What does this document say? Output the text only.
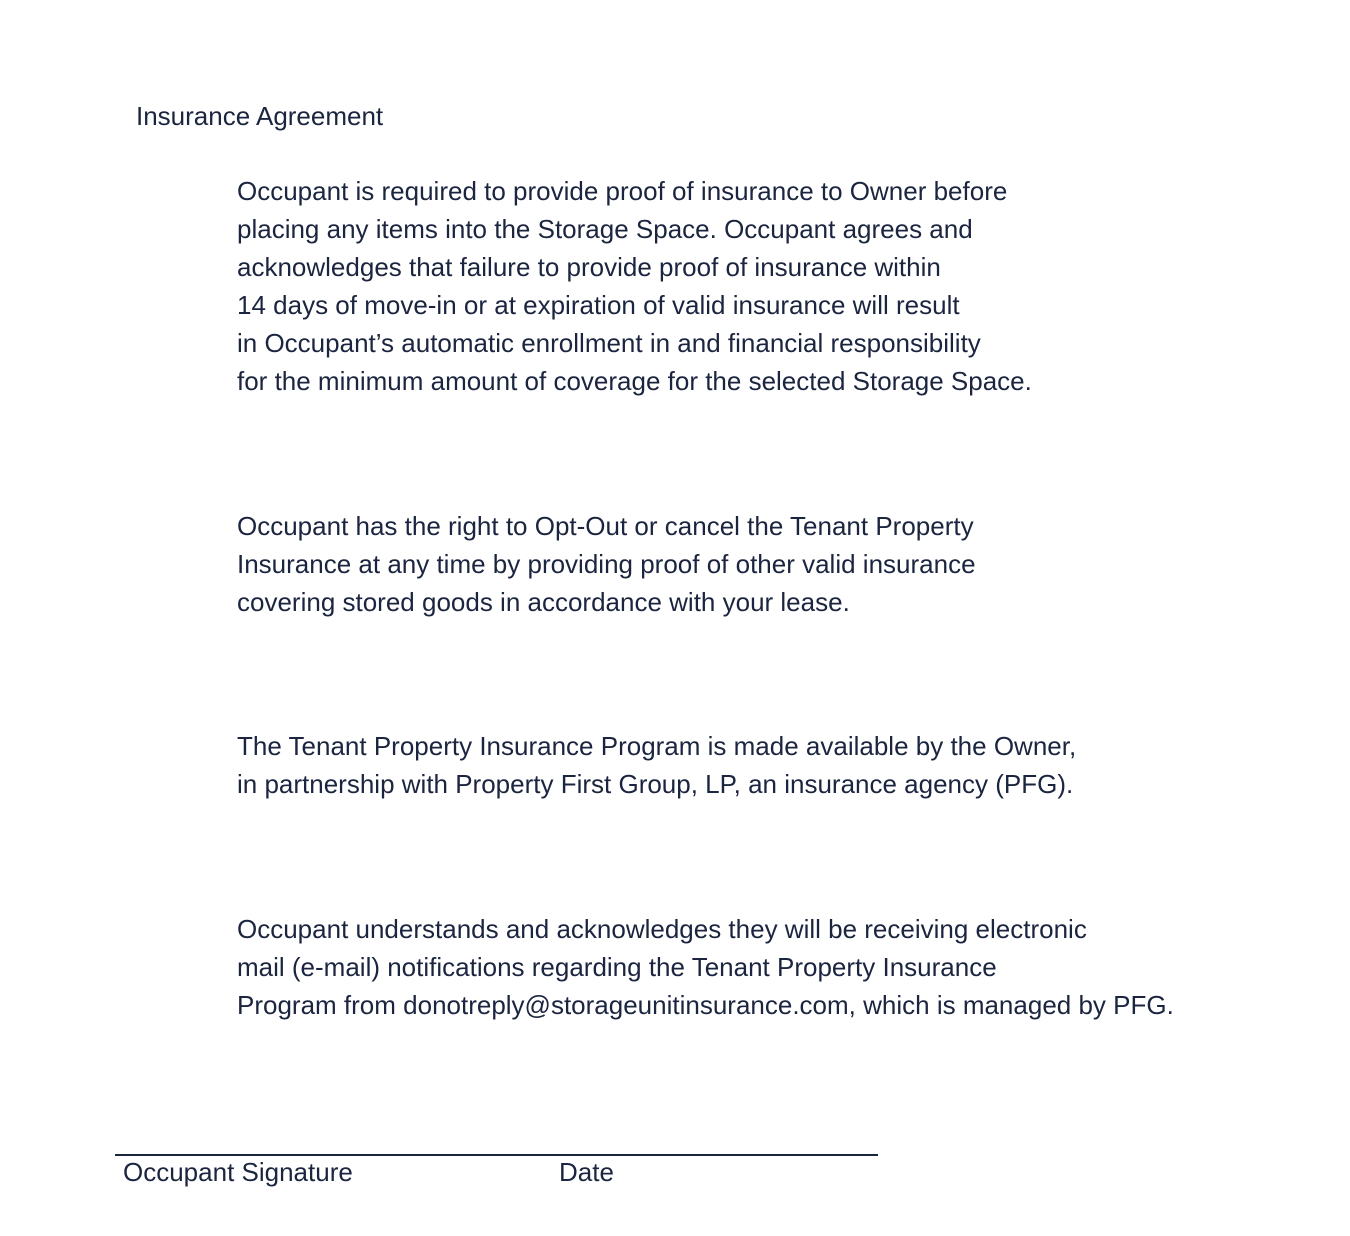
Insurance Agreement

Occupant is required to provide proof of insurance to Owner before
placing any items into the Storage Space. Occupant agrees and
acknowledges that failure to provide proof of insurance within
14 days of move-in or at expiration of valid insurance will result
in Occupant’s automatic enrollment in and financial responsibility
for the minimum amount of coverage for the selected Storage Space.

Occupant has the right to Opt-Out or cancel the Tenant Property
Insurance at any time by providing proof of other valid insurance
covering stored goods in accordance with your lease.

The Tenant Property Insurance Program is made available by the Owner,
in partnership with Property First Group, LP, an insurance agency (PFG).

Occupant understands and acknowledges they will be receiving electronic
mail (e-mail) notifications regarding the Tenant Property Insurance
Program from donotreply@storageunitinsurance.com, which is managed by PFG.

Occupant Signature	Date
